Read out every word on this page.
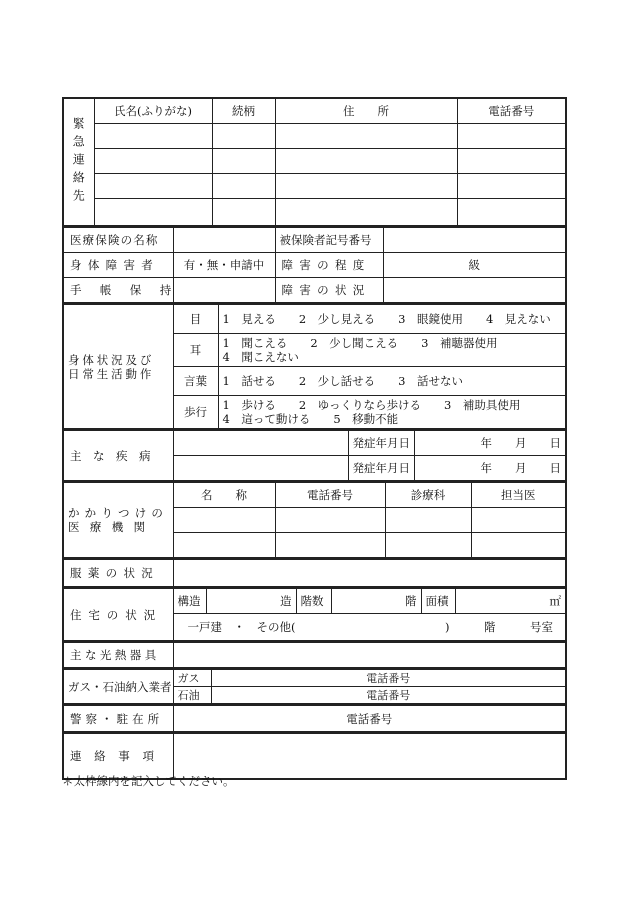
緊急連絡先	氏名(ふりがな)	続柄	住　　所	電話番号

医療保険の名称		被保険者記号番号	
身体障害者	有・無・申請中	障害の程度	級
手帳保持		障害の状況	
身体状況及び
日常生活動作	目	1　見える　　2　少し見える　　3　眼鏡使用　　4　見えない
	耳	1　聞こえる　　2　少し聞こえる　　3　補聴器使用
4　聞こえない

	言葉	1　話せる　　2　少し話せる　　3　話せない
	歩行	1　歩ける　　2　ゆっくりなら歩ける　　3　補助具使用
4　這って動ける　　5　移動不能
主な疾病		発症年月日	年　　月　　日
		発症年月日	年　　月　　日
かかりつけの
医療機関	名　　称	電話番号	診療科	担当医

服薬の状況	
住宅の状況	構造	造	階数	階	面積	㎡
一戸建　・　その他(　　　　　　　　　　　　　)　　　階　　　号室
主な光熱器具	
ガス・石油納入業者	ガス	電話番号
	石油	電話番号
警察・駐在所	電話番号
連絡事項	
＊太枠線内を記入してください。
